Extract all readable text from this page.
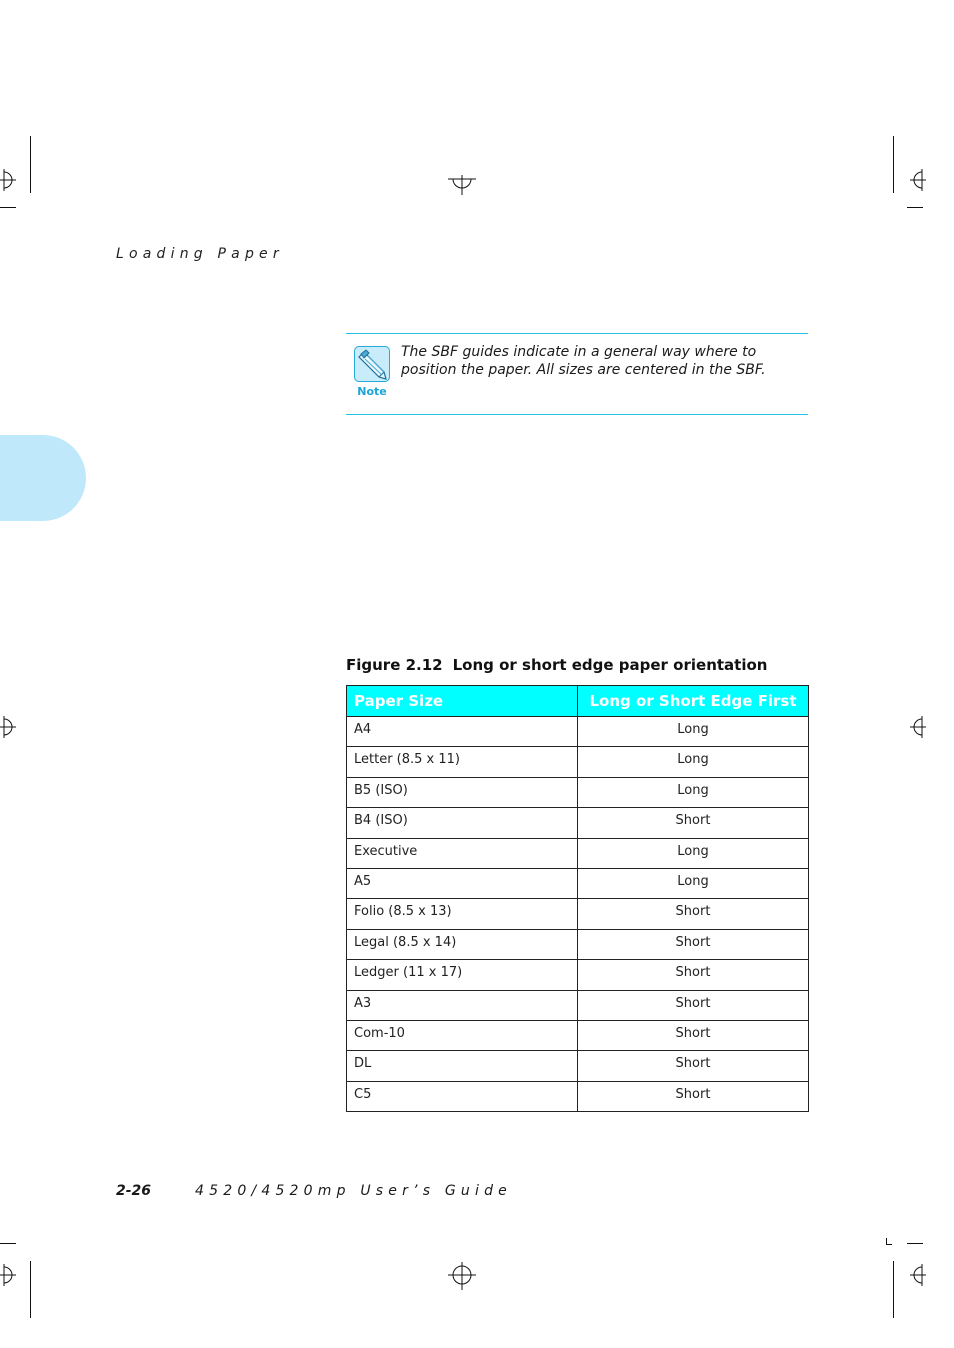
Loading Paper
Note
The SBF guides indicate in a general way where to position the paper. All sizes are centered in the SBF.
Figure 2.12 Long or short edge paper orientation
Paper Size	Long or Short Edge First
A4	Long
Letter (8.5 x 11)	Long
B5 (ISO)	Long
B4 (ISO)	Short
Executive	Long
A5	Long
Folio (8.5 x 13)	Short
Legal (8.5 x 14)	Short
Ledger (11 x 17)	Short
A3	Short
Com-10	Short
DL	Short
C5	Short
2-26	4520/4520mp User’s Guide
